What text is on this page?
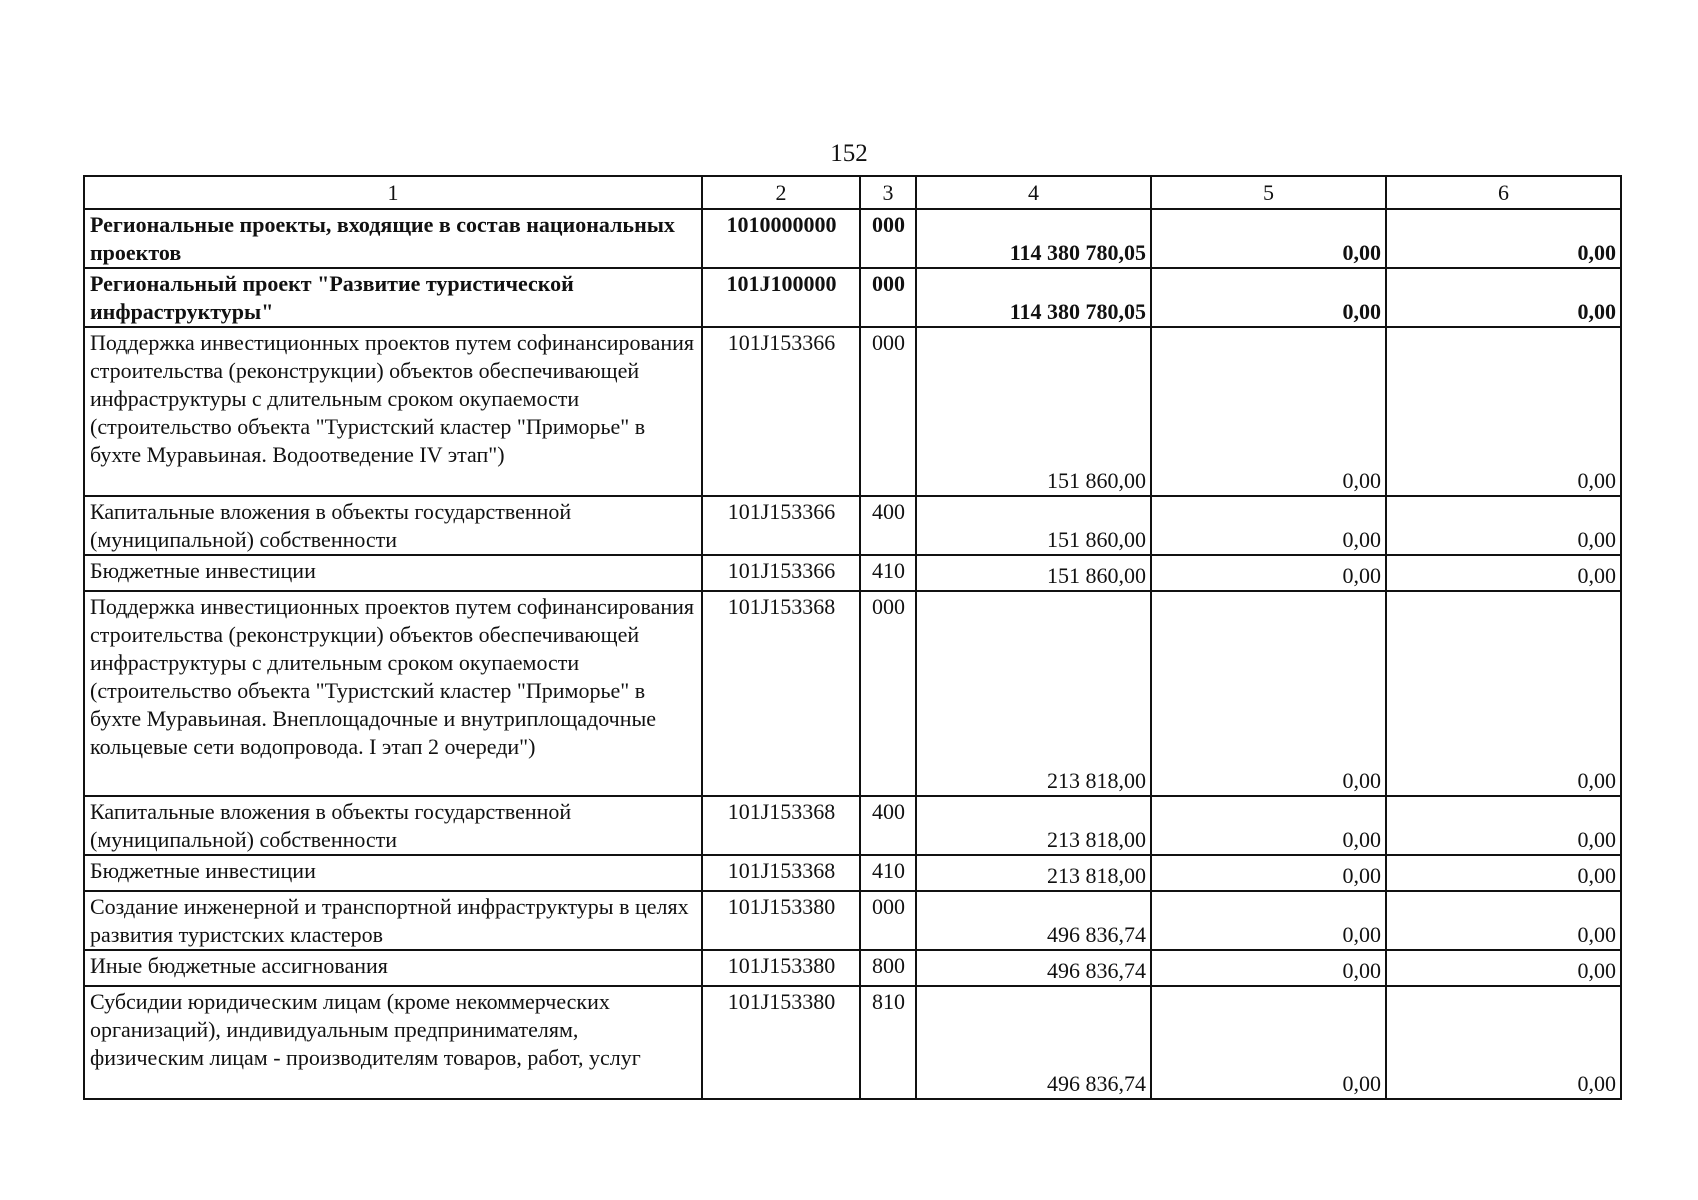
152
1	2	3	4	5	6
Региональные проекты, входящие в состав национальных проектов	1010000000	000	114 380 780,05	0,00	0,00
Региональный проект "Развитие туристической инфраструктуры"	101J100000	000	114 380 780,05	0,00	0,00
Поддержка инвестиционных проектов путем софинансирования строительства (реконструкции) объектов обеспечивающей инфраструктуры с длительным сроком окупаемости (строительство объекта "Туристский кластер "Приморье" в бухте Муравьиная. Водоотведение IV этап")	101J153366	000	151 860,00	0,00	0,00
Капитальные вложения в объекты государственной (муниципальной) собственности	101J153366	400	151 860,00	0,00	0,00
Бюджетные инвестиции	101J153366	410	151 860,00	0,00	0,00
Поддержка инвестиционных проектов путем софинансирования строительства (реконструкции) объектов обеспечивающей инфраструктуры с длительным сроком окупаемости (строительство объекта "Туристский кластер "Приморье" в бухте Муравьиная. Внеплощадочные и внутриплощадочные кольцевые сети водопровода. I этап 2 очереди")	101J153368	000	213 818,00	0,00	0,00
Капитальные вложения в объекты государственной (муниципальной) собственности	101J153368	400	213 818,00	0,00	0,00
Бюджетные инвестиции	101J153368	410	213 818,00	0,00	0,00
Создание инженерной и транспортной инфраструктуры в целях развития туристских кластеров	101J153380	000	496 836,74	0,00	0,00
Иные бюджетные ассигнования	101J153380	800	496 836,74	0,00	0,00
Субсидии юридическим лицам (кроме некоммерческих организаций), индивидуальным предпринимателям, физическим лицам - производителям товаров, работ, услуг	101J153380	810	496 836,74	0,00	0,00
